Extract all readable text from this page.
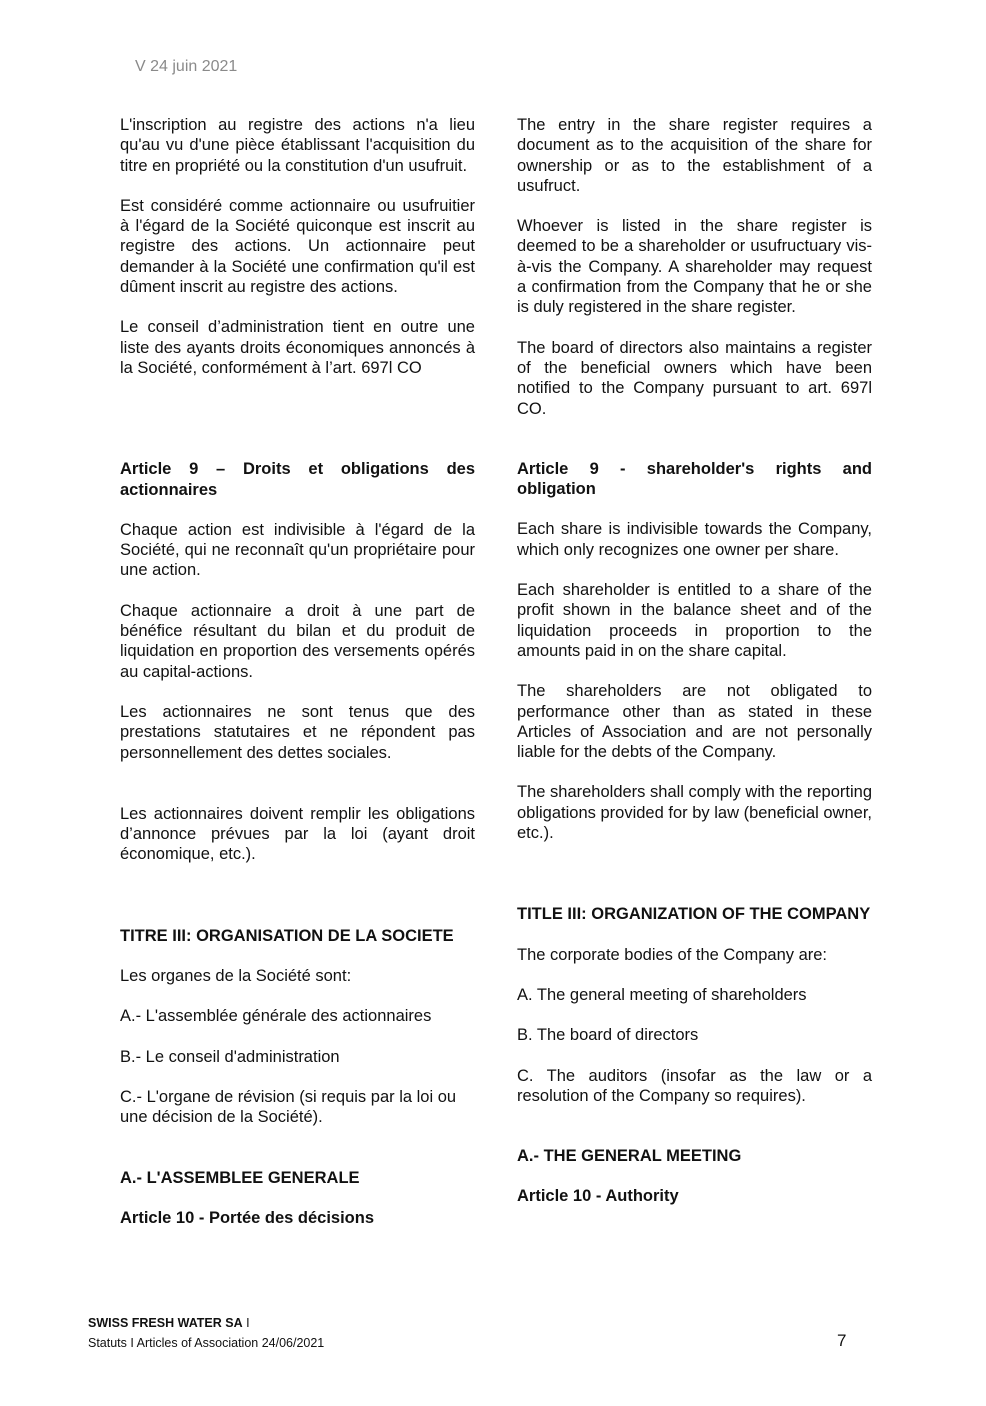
V 24 juin 2021

L'inscription au registre des actions n'a lieu qu'au vu d'une pièce établissant l'acquisition du titre en propriété ou la constitution d'un usufruit.

Est considéré comme actionnaire ou usufruitier à l'égard de la Société quiconque est inscrit au registre des actions. Un actionnaire peut demander à la Société une confirmation qu'il est dûment inscrit au registre des actions.

Le conseil d’administration tient en outre une liste des ayants droits économiques annoncés à la Société, conformément à l’art. 697l CO

Article 9 – Droits et obligations des actionnaires

Chaque action est indivisible à l'égard de la Société, qui ne reconnaît qu'un propriétaire pour une action.

Chaque actionnaire a droit à une part de bénéfice résultant du bilan et du produit de liquidation en proportion des versements opérés au capital-actions.

Les actionnaires ne sont tenus que des prestations statutaires et ne répondent pas personnellement des dettes sociales.

Les actionnaires doivent remplir les obligations d’annonce prévues par la loi (ayant droit économique, etc.).

TITRE III: ORGANISATION DE LA SOCIETE

Les organes de la Société sont:

A.- L'assemblée générale des actionnaires

B.- Le conseil d'administration

C.- L'organe de révision (si requis par la loi ou une décision de la Société).

A.- L'ASSEMBLEE GENERALE

Article 10 - Portée des décisions

The entry in the share register requires a document as to the acquisition of the share for ownership or as to the establishment of a usufruct.

Whoever is listed in the share register is deemed to be a shareholder or usufructuary vis-à-vis the Company. A shareholder may request a confirmation from the Company that he or she is duly registered in the share register.

The board of directors also maintains a register of the beneficial owners which have been notified to the Company pursuant to art. 697l CO.

Article 9 - shareholder's rights and obligation

Each share is indivisible towards the Company, which only recognizes one owner per share.

Each shareholder is entitled to a share of the profit shown in the balance sheet and of the liquidation proceeds in proportion to the amounts paid in on the share capital.

The shareholders are not obligated to performance other than as stated in these Articles of Association and are not personally liable for the debts of the Company.

The shareholders shall comply with the reporting obligations provided for by law (beneficial owner, etc.).

TITLE III: ORGANIZATION OF THE COMPANY

The corporate bodies of the Company are:

A. The general meeting of shareholders

B. The board of directors

C. The auditors (insofar as the law or a resolution of the Company so requires).

A.- THE GENERAL MEETING

Article 10 - Authority

SWISS FRESH WATER SA I
Statuts I Articles of Association 24/06/2021	7
